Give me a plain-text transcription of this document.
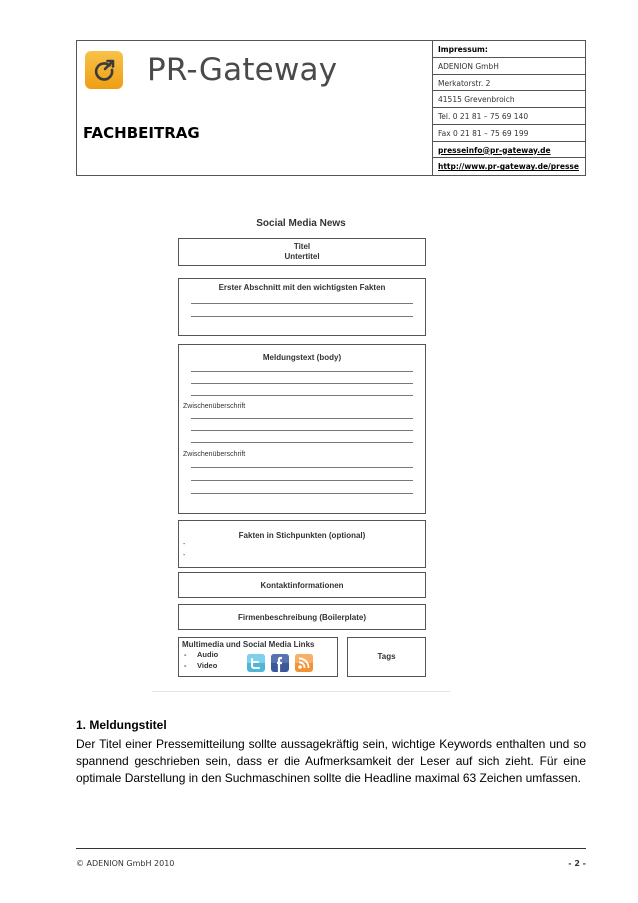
PR-Gateway
FACHBEITRAG
Impressum:
ADENION GmbH
Merkatorstr. 2
41515 Grevenbroich
Tel. 0 21 81 – 75 69 140
Fax 0 21 81 – 75 69 199
presseinfo@pr-gateway.de
http://www.pr-gateway.de/presse
Social Media News
Titel
Untertitel
Erster Abschnitt mit den wichtigsten Fakten
Meldungstext (body)
Zwischenüberschrift
Zwischenüberschrift
Fakten in Stichpunkten (optional)
-
-
Kontaktinformationen
Firmenbeschreibung (Boilerplate)
Multimedia und Social Media Links
- Audio
- Video
Tags
1. Meldungstitel
Der Titel einer Pressemitteilung sollte aussagekräftig sein, wichtige Keywords enthalten und so spannend geschrieben sein, dass er die Aufmerksamkeit der Leser auf sich zieht. Für eine optimale Darstellung in den Suchmaschinen sollte die Headline maximal 63 Zeichen umfassen.
© ADENION GmbH 2010	- 2 -
